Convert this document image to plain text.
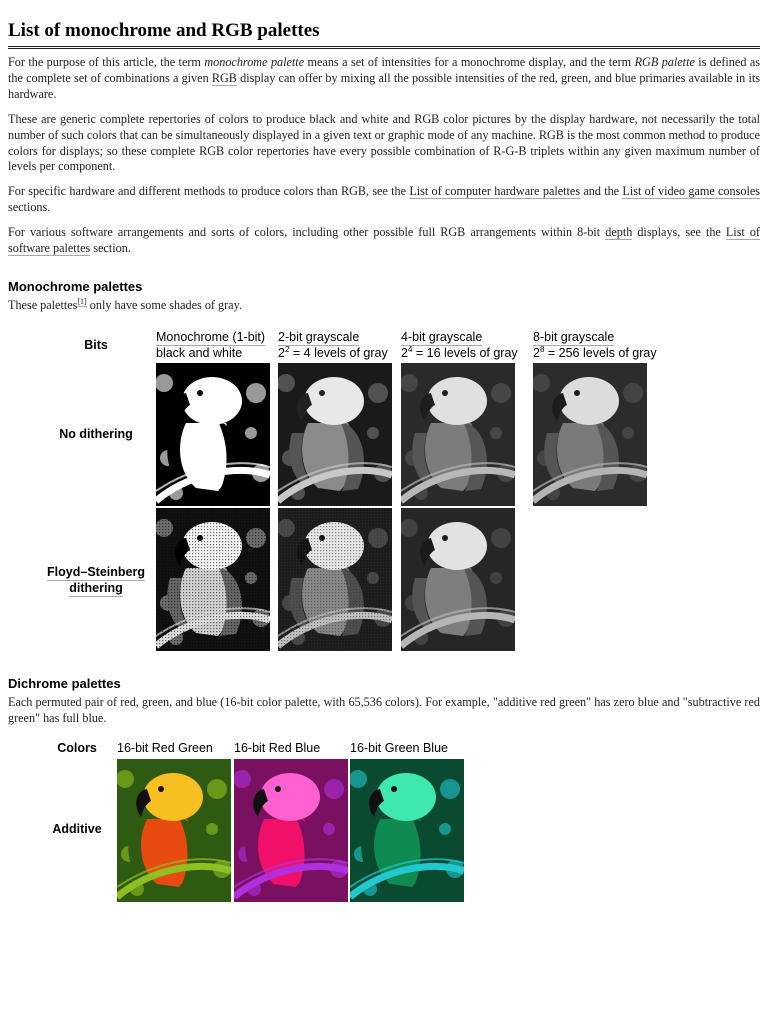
List of monochrome and RGB palettes

For the purpose of this article, the term monochrome palette means a set of intensities for a monochrome display, and the term RGB palette is defined as the complete set of combinations a given RGB display can offer by mixing all the possible intensities of the red, green, and blue primaries available in its hardware.

These are generic complete repertories of colors to produce black and white and RGB color pictures by the display hardware, not necessarily the total number of such colors that can be simultaneously displayed in a given text or graphic mode of any machine. RGB is the most common method to produce colors for displays; so these complete RGB color repertories have every possible combination of R-G-B triplets within any given maximum number of levels per component.

For specific hardware and different methods to produce colors than RGB, see the List of computer hardware palettes and the List of video game consoles sections.

For various software arrangements and sorts of colors, including other possible full RGB arrangements within 8-bit depth displays, see the List of software palettes section.

Monochrome palettes

These palettes[1] only have some shades of gray.

Bits
No dithering
Floyd–Steinberg
dithering
Monochrome (1-bit)
black and white
2-bit grayscale
$2^2 = 4$ levels of gray
4-bit grayscale
$2^4 = 16$ levels of gray
8-bit grayscale
$2^8 = 256$ levels of gray
Dichrome palettes

Each permuted pair of red, green, and blue (16-bit color palette, with 65,536 colors). For example, "additive red green" has zero blue and "subtractive red green" has full blue.

Colors
Additive
16-bit Red Green 16-bit Red Blue 16-bit Green Blue
